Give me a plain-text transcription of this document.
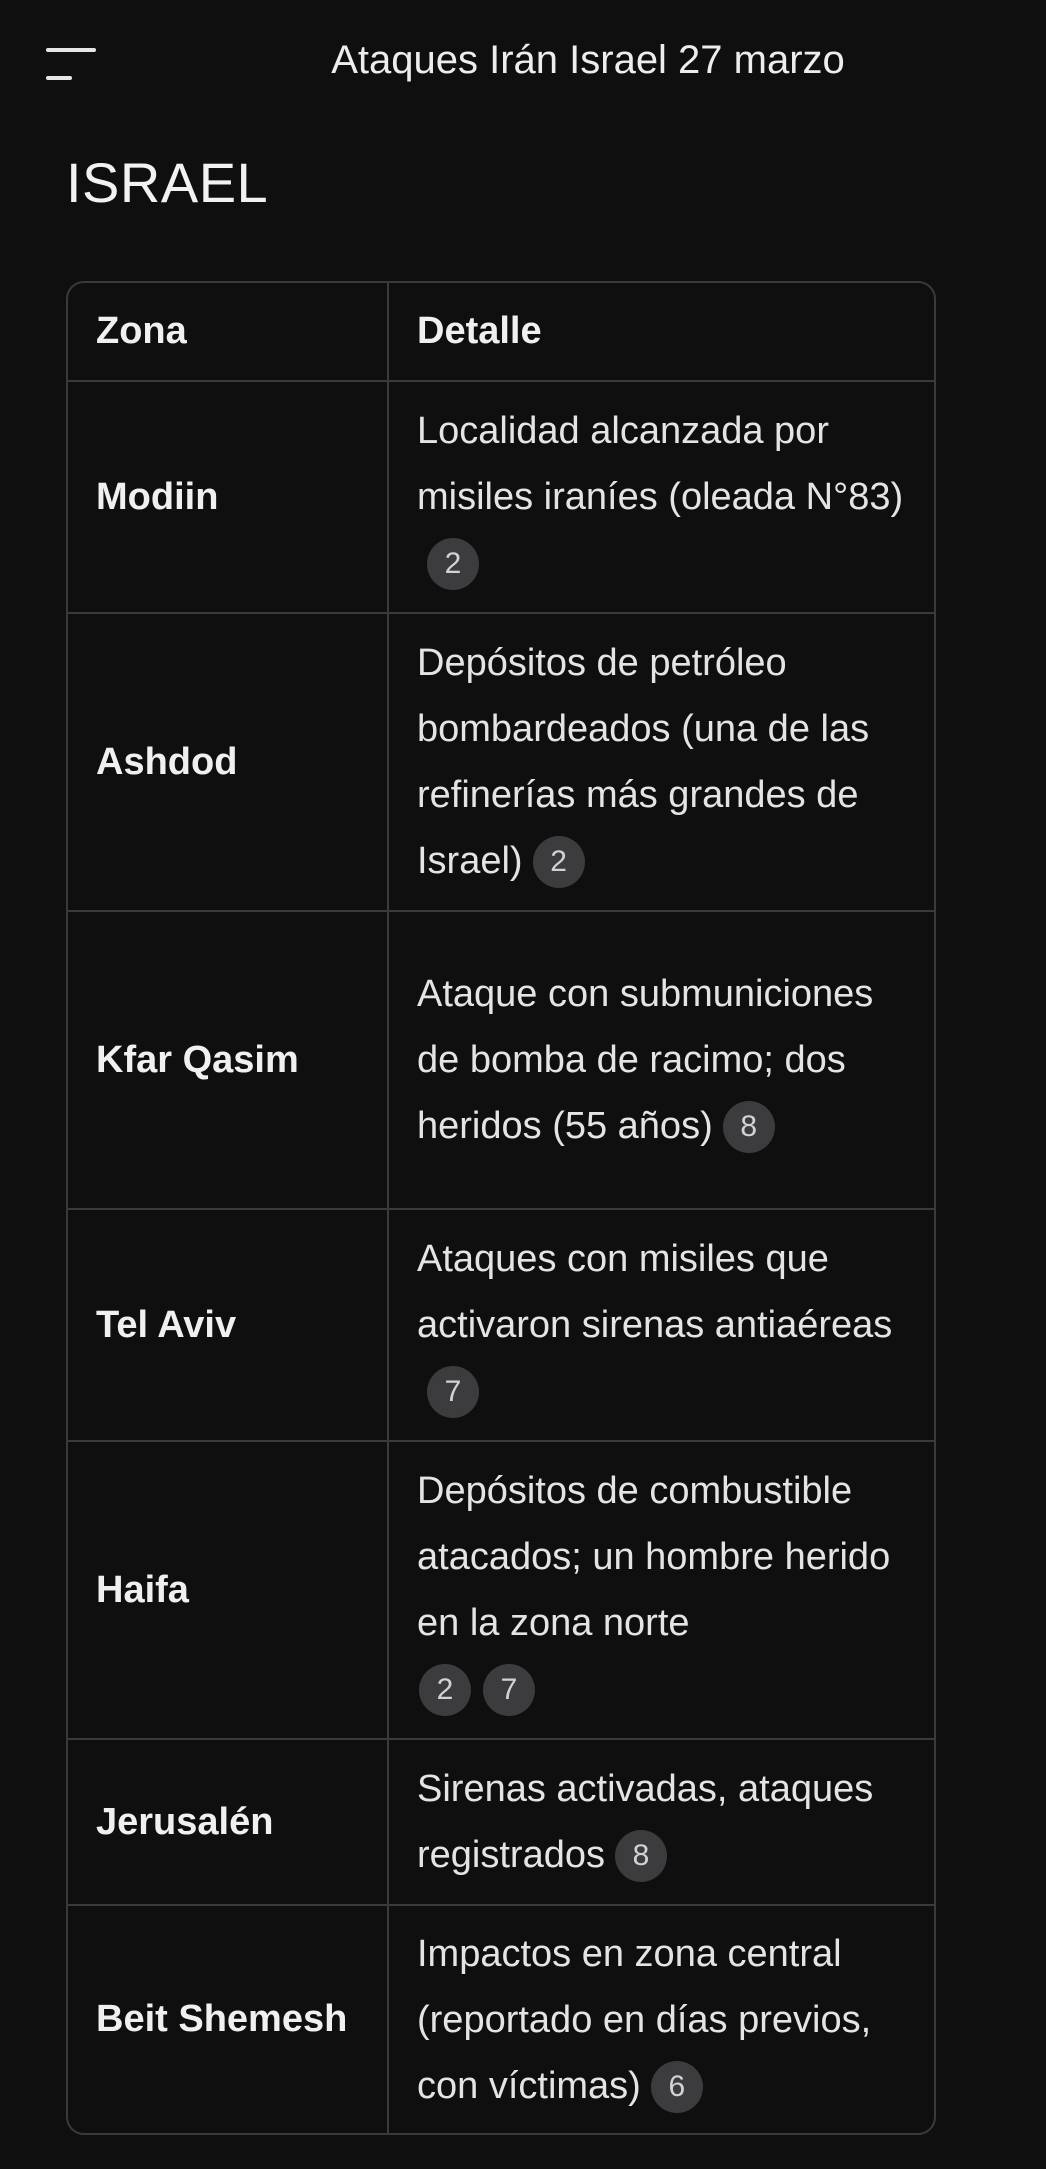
Ataques Irán Israel 27 marzo
ISRAEL
Zona	Detalle
Modiin	Localidad alcanzada por misiles iraníes (oleada N°83)2
Ashdod	Depósitos de petróleo bombardeados (una de las refinerías más grandes de Israel) 2
Kfar Qasim	Ataque con submuniciones de bomba de racimo; dos heridos (55 años) 8
Tel Aviv	Ataques con misiles que activaron sirenas antiaéreas7
Haifa	Depósitos de combustible atacados; un hombre herido en la zona norte
2 7
Jerusalén	Sirenas activadas, ataques registrados 8
Beit Shemesh	Impactos en zona central (reportado en días previos, con víctimas) 6
